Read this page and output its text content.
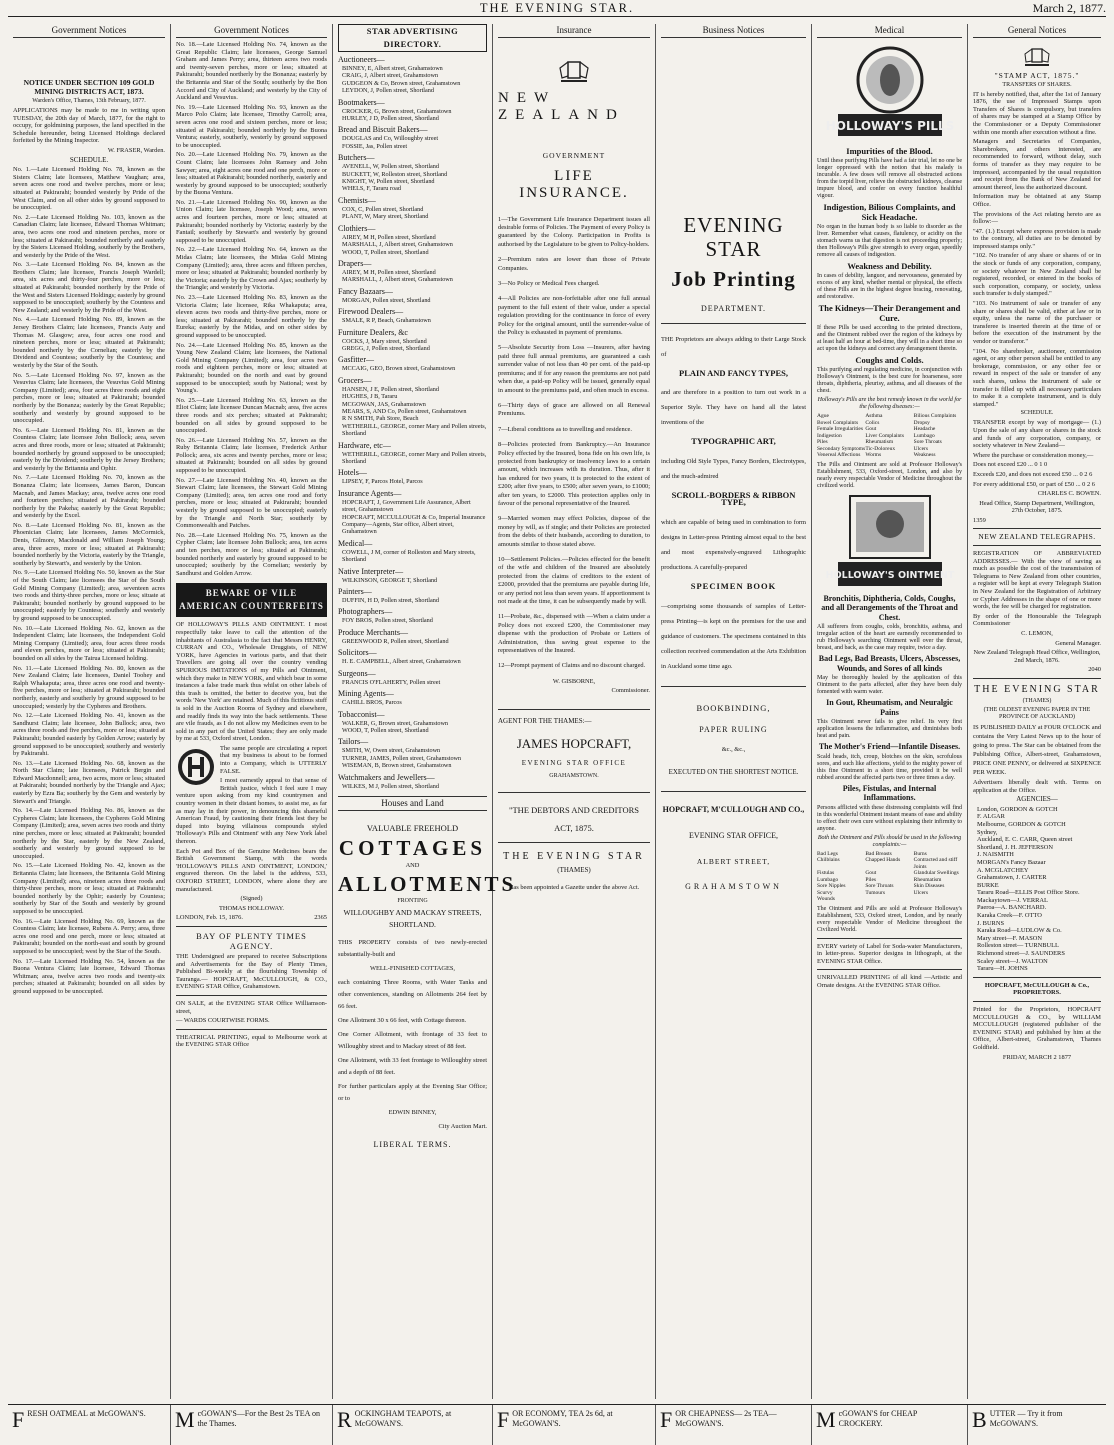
THE EVENING STAR.	March 2, 1877.
Government Notices

NOTICE UNDER SECTION 109 GOLD MINING DISTRICTS ACT, 1873.

Warden's Office, Thames, 13th February, 1877.

APPLICATIONS may be made to me in writing upon TUESDAY, the 20th day of March, 1877, for the right to occupy, for goldmining purposes, the land specified in the Schedule hereunder, being Licensed Holdings declared forfeited by the Mining Inspector.

W. FRASER, Warden.

SCHEDULE.

No. 1.—Late Licensed Holding No. 78, known as the Sisters Claim; late licensees, Matthew Vaughan; area, seven acres one rood and twelve perches, more or less; situated at Pakirarahi; bounded westerly by Pride of the West Claim, and on all other sides by ground supposed to be unoccupied.

No. 2.—Late Licensed Holding No. 103, known as the Canadian Claim; late licensee, Edward Thomas Whitman; area, two acres one rood and nineteen perches, more or less; situated at Pakirarahi; bounded northerly and easterly by the Sisters Licensed Holding, southerly by the Brothers, and westerly by the Pride of the West.

No. 3.—Late Licensed Holding No. 84, known as the Brothers Claim; late licensee, Francis Joseph Wardell; area, six acres and thirty-four perches, more or less; situated at Pakirarahi; bounded northerly by the Pride of the West and Sisters Licensed Holdings; easterly by ground supposed to be unoccupied; southerly by the Countess and New Zealand; and westerly by the Pride of the West.

No. 4.—Late Licensed Holding No. 89, known as the Jersey Brothers Claim; late licensees, Francis Auty and Thomas M. Glasgow; area, four acres one rood and nineteen perches, more or less; situated at Pakirarahi; bounded northerly by the Cornelian; easterly by the Dividend and Countess; southerly by the Countess; and westerly by the Star of the South.

No. 5.—Late Licensed Holding No. 97, known as the Vesuvius Claim; late licensees, the Vesuvius Gold Mining Company (Limited); area, four acres three roods and eight perches, more or less; situated at Pakirarahi; bounded northerly by the Bonanza; easterly by the Great Republic; southerly and westerly by ground supposed to be unoccupied.

No. 6.—Late Licensed Holding No. 81, known as the Countess Claim; late licensee John Bullock; area, seven acres and three roods, more or less; situated at Pakirarahi; bounded northerly by ground supposed to be unoccupied; easterly by the Dividend; southerly by the Jersey Brothers; and westerly by the Britannia and Ophir.

No. 7.—Late Licensed Holding No. 70, known as the Bonanza Claim; late licensees, James Baron, Duncan Macnab, and James Mackay; area, twelve acres one rood and fourteen perches; situated at Pakirarahi; bounded northerly by the Pakeha; easterly by the Great Republic; and westerly by the Excel.

No. 8.—Late Licensed Holding No. 81, known as the Phoenician Claim; late licensees, James McCormick, Denis, Gilmore, Macdonald and William Joseph Young; area, three acres, more or less; situated at Pakirarahi; bounded northerly by the Victoria, easterly by the Triangle, southerly by Stewart's, and westerly by the Union.

No. 9.—Late Licensed Holding No. 50, known as the Star of the South Claim; late licensees the Star of the South Gold Mining Company (Limited); area, seventeen acres two roods and thirty-three perches, more or less; situate at Pakirarahi; bounded northerly by ground supposed to be unoccupied; easterly by Countess; southerly and westerly by ground supposed to be unoccupied.

No. 10.—Late Licensed Holding No. 62, known as the Independent Claim; late licensees, the Independent Gold Mining Company (Limited); area, four acres three roods and eleven perches, more or less; situated at Pakirarahi; bounded on all sides by the Tairua Licensed holding.

No. 11.—Late Licensed Holding No. 80, known as the New Zealand Claim; late licensees, Daniel Toohey and Ralph Whakaputa; area, three acres one rood and twenty-five perches, more or less; situated at Pakirarahi; bounded northerly, easterly and southerly by ground supposed to be unoccupied; westerly by the Cypheres and Brothers.

No. 12.—Late Licensed Holding No. 41, known as the Sandhurst Claim; late licensee, John Bullock; area, two acres three roods and five perches, more or less; situated at Pakirarahi; bounded easterly by Golden Arrow; easterly by ground supposed to be unoccupied; southerly and westerly by Pakirarahi.

No. 13.—Late Licensed Holding No. 68, known as the North Star Claim; late licensees, Patrick Bergin and Edward Macdonnell; area, two acres, more or less; situated at Pakirarahi; bounded northerly by the Triangle and Ajax; easterly by Ezra Ba; southerly by the Gem and westerly by Stewart's and Triangle.

No. 14.—Late Licensed Holding No. 86, known as the Cypheres Claim; late licensees, the Cypheres Gold Mining Company (Limited); area, seven acres two roods and thirty nine perches, more or less; situated at Pakirarahi; bounded northerly by the Star, easterly by the New Zealand, southerly and westerly by ground supposed to be unoccupied.

No. 15.—Late Licensed Holding No. 42, known as the Britannia Claim; late licensees, the Britannia Gold Mining Company (Limited); area, nineteen acres three roods and thirty-three perches, more or less; situated at Pakirarahi; bounded northerly by the Ophir; easterly by Countess; southerly by Star of the South and westerly by ground supposed to be unoccupied.

No. 16.—Late Licensed Holding No. 69, known as the Countess Claim; late licensee, Rubens A. Perry; area, three acres one rood and one perch, more or less; situated at Pakirarahi; bounded on the north-east and south by ground supposed to be unoccupied; west by the Star of the South.

No. 17.—Late Licensed Holding No. 54, known as the Buona Ventura Claim; late licensee, Edward Thomas Whitman; area, twelve acres two roods and twenty-six perches; situated at Pakirarahi; bounded on all sides by ground supposed to be unoccupied.

Government Notices

No. 18.—Late Licensed Holding No. 74, known as the Great Republic Claim; late licensees, George Samuel Graham and James Perry; area, thirteen acres two roods and twenty-seven perches, more or less; situated at Pakirarahi; bounded northerly by the Bonanza; easterly by the Britannia and Star of the South; southerly by the Bon Accord and City of Auckland; and westerly by the City of Auckland and Vesuvius.

No. 19.—Late Licensed Holding No. 93, known as the Marco Polo Claim; late licensee, Timothy Carroll; area, seven acres one rood and sixteen perches, more or less; situated at Pakirarahi; bounded northerly by the Buona Ventura; easterly, southerly, westerly by ground supposed to be unoccupied.

No. 20.—Late Licensed Holding No. 79, known as the Count Claim; late licensees John Ramsey and John Sawyer; area, eight acres one rood and one perch, more or less; situated at Pakirarahi; bounded northerly, easterly and westerly by ground supposed to be unoccupied; southerly by the Buona Ventura.

No. 21.—Late Licensed Holding No. 90, known as the Union Claim; late licensee, Joseph Wood; area, seven acres and fourteen perches, more or less; situated at Pakirarahi; bounded northerly by Victoria; easterly by the Fantail; southerly by Stewart's and westerly by ground supposed to be unoccupied.

No. 22.—Late Licensed Holding No. 64, known as the Midas Claim; late licensees, the Midas Gold Mining Company (Limited); area, three acres and fifteen perches, more or less; situated at Pakirarahi; bounded northerly by the Victoria; easterly by the Crown and Ajax; southerly by the Triangle; and westerly by Victoria.

No. 23.—Late Licensed Holding No. 83, known as the Victoria Claim; late licensee, Rika Whakaputa; area, eleven acres two roods and thirty-five perches, more or less; situated at Pakirarahi; bounded northerly by the Eureka; easterly by the Midas, and on other sides by ground supposed to be unoccupied.

No. 24.—Late Licensed Holding No. 85, known as the Young New Zealand Claim; late licensees, the National Gold Mining Company (Limited); area, four acres two roods and eighteen perches, more or less; situated at Pakirarahi; bounded on the north and east by ground supposed to be unoccupied; south by National; west by Young's.

No. 25.—Late Licensed Holding No. 63, known as the Eliot Claim; late licensee Duncan Macnab; area, five acres three roods and six perches; situated at Pakirarahi; bounded on all sides by ground supposed to be unoccupied.

No. 26.—Late Licensed Holding No. 57, known as the Ruby Britannia Claim; late licensee, Frederick Arthur Pollock; area, six acres and twenty perches, more or less; situated at Pakirarahi; bounded on all sides by ground supposed to be unoccupied.

No. 27.—Late Licensed Holding No. 40, known as the Stewart Claim; late licensees, the Stewart Gold Mining Company (Limited); area, ten acres one rood and forty perches, more or less; situated at Pakirarahi; bounded westerly by ground supposed to be unoccupied; easterly by the Triangle and North Star; southerly by Commonwealth and Patches.

No. 28.—Late Licensed Holding No. 75, known as the Cypher Claim; late licensee John Bullock; area, ten acres and ten perches, more or less; situated at Pakirarahi; bounded northerly and easterly by ground supposed to be unoccupied; southerly by the Cornelian; westerly by Sandhurst and Golden Arrow.

BEWARE OF VILE
AMERICAN COUNTERFEITS

OF HOLLOWAY'S PILLS AND OINTMENT. I most respectfully take leave to call the attention of the inhabitants of Australasia to the fact that Messrs HENRY, CURRAN and CO., Wholesale Druggists, of NEW YORK, have Agencies in various parts, and that their Travellers are going all over the country vending SPURIOUS IMITATIONS of my Pills and Ointment, which they make in NEW YORK, and which bear in some instances a false trade mark thus whilst on other labels of this trash is omitted, the better to deceive you, but the words 'New York' are retained. Much of this fictitious stuff is sold in the Auction Rooms of Sydney and elsewhere, and readily finds its way into the back settlements. These are vile frauds, as I do not allow my Medicines even to be sold in any part of the United States; they are only made by me at 533, Oxford street, London.

The same people are circulating a report that my business is about to be formed into a Company, which is UTTERLY FALSE.

I most earnestly appeal to that sense of British justice, which I feel sure I may venture upon asking from my kind countrymen and country women in their distant homes, to assist me, as far as may lay in their power, in denouncing this shameful American Fraud, by cautioning their friends lest they be duped into buying villainous compounds styled 'Holloway's Pills and Ointment' with any New York label thereon.

Each Pot and Box of the Genuine Medicines bears the British Government Stamp, with the words 'HOLLOWAY'S PILLS AND OINTMENT, LONDON,' engraved thereon. On the label is the address, 533, OXFORD STREET, LONDON, where alone they are manufactured.

(Signed)

THOMAS HOLLOWAY.

LONDON, Feb. 15, 1876.	2365

BAY OF PLENTY TIMES AGENCY.

THE Undersigned are prepared to receive Subscriptions and Advertisements for the Bay of Plenty Times, Published Bi-weekly at the flourishing Township of Tauranga.— HOPCRAFT, McCULLOUGH, & CO., EVENING STAR Office, Grahamstown.

ON SALE, at the EVENING STAR Office Williamson-street,

— WARDS COURTWISE FORMS.

THEATRICAL PRINTING, equal to Melbourne work at the EVENING STAR Office

STAR ADVERTISING DIRECTORY.
Auctioneers—
BINNEY, E, Albert street, Grahamstown
CRAIG, J, Albert street, Grahamstown
GUDGEON & Co, Brown street, Grahamstown
LEYDON, J, Pollen street, Shortland
Bootmakers—
CROCKER, G, Brown street, Grahamstown
HURLEY, J D, Pollen street, Shortland
Bread and Biscuit Bakers—
DOUGLAS and Co, Willoughby street
FOSSIE, Jas, Pollen street
Butchers—
AVENELL, W, Pollen street, Shortland
BUCKETT, W, Rolleston street, Shortland
KNIGHT, W, Pollen street, Shortland
WHELS, F, Tararu road
Chemists—
COX, C, Pollen street, Shortland
PLANT, W, Mary street, Shortland
Clothiers—
AIREY, M H, Pollen street, Shortland
MARSHALL, J, Albert street, Grahamstown
WOOD, T, Pollen street, Shortland
Drapers—
AIREY, M H, Pollen street, Shortland
MARSHALL, J, Albert street, Grahamstown
Fancy Bazaars—
MORGAN, Pollen street, Shortland
Firewood Dealers—
SMALE, R P, Beach, Grahamstown
Furniture Dealers, &c
COCKS, J, Mary street, Shortland
GREGG, J, Pollen street, Shortland
Gasfitter—
MCCAIG, GEO, Brown street, Grahamstown
Grocers—
HANSEN, J E, Pollen street, Shortland
HUGHES, J B, Tararu
MCGOWAN, JAS, Grahamstown
MEARS, S, AND Co, Pollen street, Grahamstown
R N SMITH, Pah Store, Beach
WETHERILL, GEORGE, corner Mary and Pollen streets, Shortland
Hardware, etc—
WETHERILL, GEORGE, corner Mary and Pollen streets, Shortland
Hotels—
LIPSEY, F, Parcos Hotel, Parcos
Insurance Agents—
HOPCRAFT, J, Government Life Assurance, Albert street, Grahamstown
HOPCRAFT, MCCULLOUGH & Co, Imperial Insurance Company—Agents, Star office, Albert street, Grahamstown
Medical—
COWELL, J M, corner of Rolleston and Mary streets, Shortland
Native Interpreter—
WILKINSON, GEORGE T, Shortland
Painters—
DUFFIN, H D, Pollen street, Shortland
Photographers—
FOY BROS, Pollen street, Shortland
Produce Merchants—
GREENWOOD R, Pollen street, Shortland
Solicitors—
H. E. CAMPBELL, Albert street, Grahamstown
Surgeons—
FRANCIS O'FLAHERTY, Pollen street
Mining Agents—
CAHILL BROS, Parcos
Tobacconist—
WALKER, G, Brown street, Grahamstown
WOOD, T, Pollen street, Shortland
Tailors—
SMITH, W, Owen street, Grahamstown
TURNER, JAMES, Pollen street, Grahamstown
WISEMAN, B, Brown street, Grahamstown
Watchmakers and Jewellers—
WILKES, M J, Pollen street, Shortland
Houses and Land

VALUABLE FREEHOLD

COTTAGES

AND

ALLOTMENTS

FRONTING

WILLOUGHBY AND MACKAY STREETS, SHORTLAND.

THIS PROPERTY consists of two newly-erected substantially-built and

WELL-FINISHED COTTAGES,

each containing Three Rooms, with Water Tanks and other conveniences, standing on Allotments 264 feet by 66 feet.

One Allotment 30 x 66 feet, with Cottage thereon.

One Corner Allotment, with frontage of 33 feet to Willoughby street and to Mackay street of 88 feet.

One Allotment, with 33 feet frontage to Willoughby street and a depth of 88 feet.

For further particulars apply at the Evening Star Office; or to

EDWIN BINNEY,

City Auction Mart.

LIBERAL TERMS.

Insurance

NEW ZEALAND

GOVERNMENT

LIFE INSURANCE.

1—The Government Life Insurance Department issues all desirable forms of Policies. The Payment of every Policy is guaranteed by the Colony. Participation in Profits is authorised by the Legislature to be given to Policy-holders.

2—Premium rates are lower than those of Private Companies.

3—No Policy or Medical Fees charged.

4—All Policies are non-forfeitable after one full annual payment to the full extent of their value, under a special regulation providing for the continuance in force of every Policy for the original amount, until the surrender-value of the Policy is exhausted in payment of premiums.

5—Absolute Security from Loss —Insurers, after having paid three full annual premiums, are guaranteed a cash surrender value of not less than 40 per cent. of the paid-up premiums; and if for any reason the premiums are not paid when due, a paid-up Policy will be issued, generally equal in amount to the premiums paid, and often much in excess.

6—Thirty days of grace are allowed on all Renewal Premiums.

7—Liberal conditions as to travelling and residence.

8—Policies protected from Bankruptcy.—An Insurance Policy effected by the Insured, bona fide on his own life, is protected from bankruptcy or insolvency laws to a certain amount, which increases with its duration. Thus, after it has endured for two years, it is protected to the extent of £200; after five years, to £500; after seven years, to £1000; after ten years, to £2000. This protection applies only in favour of the personal representative of the Insured.

9—Married women may effect Policies, dispose of the money by will, as if single; and their Policies are protected from the debts of their husbands, according to duration, to amounts similar to those stated above.

10—Settlement Policies.—Policies effected for the benefit of the wife and children of the Insured are absolutely protected from the claims of creditors to the extent of £2000, provided that the premiums are payable during life, or any period not less than seven years. If apportionment is not made at the time, it can be subsequently made by will.

11—Probate, &c., dispensed with —When a claim under a Policy does not exceed £200, the Commissioner may dispense with the production of Probate or Letters of Administration, thus saving great expense to the representatives of the Insured.

12—Prompt payment of Claims and no discount charged.

W. GISBORNE,

Commissioner.

AGENT FOR THE THAMES:—

JAMES HOPCRAFT,

EVENING STAR OFFICE

GRAHAMSTOWN.

"THE DEBTORS AND CREDITORS

ACT, 1875.

THE EVENING STAR

(THAMES)

Has been appointed a Gazette under the above Act.

Business Notices

EVENING STAR

Job Printing

DEPARTMENT.

THE Proprietors are always adding to their Large Stock of

PLAIN AND FANCY TYPES,

and are therefore in a position to turn out work in a Superior Style. They have on hand all the latest inventions of the

TYPOGRAPHIC ART,

including Old Style Types, Fancy Borders, Electrotypes, and the much-admired

SCROLL-BORDERS & RIBBON TYPE,

which are capable of being used in combination to form designs in Letter-press Printing almost equal to the best and most expensively-engraved Lithographic productions. A carefully-prepared

SPECIMEN BOOK

—comprising some thousands of samples of Letter-press Printing—is kept on the premises for the use and guidance of customers. The specimens contained in this collection received commendation at the Arts Exhibition in Auckland some time ago.

BOOKBINDING,

PAPER RULING

&c., &c.,

EXECUTED ON THE SHORTEST NOTICE.

HOPCRAFT, M'CULLOUGH AND CO.,

EVENING STAR OFFICE,

ALBERT STREET,

GRAHAMSTOWN

Medical
HOLLOWAY'S PILLS

Impurities of the Blood.

Until these purifying Pills have had a fair trial, let no one be longer oppressed with the notion that his malady is incurable. A few doses will remove all obstructed actions from the torpid liver, relieve the obstructed kidneys, cleanse impure blood, and confer on every function healthful vigour.

Indigestion, Bilious Complaints, and Sick Headache.

No organ in the human body is so liable to disorder as the liver. Remember what causes, flatulency, or acidity on the stomach warns us that digestion is not proceeding properly; then Holloway's Pills give strength to every organ, speedily remove all causes of indigestion.

Weakness and Debility.

In cases of debility, languor, and nervousness, generated by excess of any kind, whether mental or physical, the effects of these Pills are in the highest degree bracing, renovating, and restorative.

The Kidneys—Their Derangement and Cure.

If these Pills be used according to the printed directions, and the Ointment rubbed over the region of the kidneys by at least half an hour at bed-time, they will in a short time so act upon the kidneys and correct any derangement therein.

Coughs and Colds.

This purifying and regulating medicine, in conjunction with Holloway's Ointment, is the best cure for hoarseness, sore throats, diphtheria, pleurisy, asthma, and all diseases of the chest.

Holloway's Pills are the best remedy known in the world for the following diseases:—

Ague	Asthma	Bilious Complaints
Bowel Complaints	Colics	Dropsy
Female Irregularities Gout	Headache
Indigestion	Liver Complaints	Lumbago
Piles	Rheumatism	Sore Throats
Secondary Symptoms Tic-Doloreux	Ulcers
Venereal Affections Worms	Weakness

The Pills and Ointment are sold at Professor Holloway's Establishment, 533, Oxford-street, London, and also by nearly every respectable Vendor of Medicine throughout the civilized world.

HOLLOWAY'S OINTMENT

Bronchitis, Diphtheria, Colds, Coughs, and all Derangements of the Throat and Chest.

All sufferers from coughs, colds, bronchitis, asthma, and irregular action of the heart are earnestly recommended to rub Holloway's searching Ointment well over the throat, breast, and back, as the case may require, twice a day.

Bad Legs, Bad Breasts, Ulcers, Abscesses, Wounds, and Sores of all kinds

May be thoroughly healed by the application of this Ointment to the parts affected, after they have been duly fomented with warm water.

In Gout, Rheumatism, and Neuralgic Pains

This Ointment never fails to give relief. Its very first application lessens the inflammation, and diminishes both heat and pain.

The Mother's Friend—Infantile Diseases.

Scald heads, itch, croup, blotches on the skin, scrofulous sores, and such like affections, yield to the mighty power of this fine Ointment in a short time, provided it be well rubbed around the affected parts two or three times a day.

Piles, Fistulas, and Internal Inflammations.

Persons afflicted with these distressing complaints will find in this wonderful Ointment instant means of ease and ability to effect their own cure without explaining their infirmity to anyone.

Both the Ointment and Pills should be used in the following complaints:—

Bad Legs	Bad Breasts	Burns
Chilblains	Chapped Hands	Contracted and stiff Joints
Fistulas	Gout	Glandular Swellings
Lumbago	Piles	Rheumatism
Sore Nipples	Sore Throats	Skin Diseases
Scurvy	Tumours	Ulcers
Wounds

The Ointment and Pills are sold at Professor Holloway's Establishment, 533, Oxford street, London, and by nearly every respectable Vendor of Medicine throughout the Civilized World.

EVERY variety of Label for Soda-water Manufacturers, in letter-press. Superior designs in lithograph, at the EVENING STAR Office.

UNRIVALLED PRINTING of all kind —Artistic and Ornate designs. At the EVENING STAR Office.

General Notices

"STAMP ACT, 1875."

TRANSFERS OF SHARES.

IT is hereby notified, that, after the 1st of January 1876, the use of Impressed Stamps upon Transfers of Shares is compulsory, but transfers of shares may be stamped at a Stamp Office by the Commissioner or a Deputy Commissioner within one month after execution without a fine.

Managers and Secretaries of Companies, Sharebrokers, and others interested, are recommended to forward, without delay, such forms of transfer as they may require to be impressed, accompanied by the usual requisition and receipt from the Bank of New Zealand for amount thereof, less the authorized discount.

Information may be obtained at any Stamp Office.

The provisions of the Act relating hereto are as follow:—

"47. (1.) Except where express provision is made to the contrary, all duties are to be denoted by impressed stamps only."

"102. No transfer of any share or shares of or in the stock or funds of any corporation, company, or society whatever in New Zealand shall be registered, recorded, or entered in the books of such corporation, company, or society, unless such transfer is duly stamped."

"103. No instrument of sale or transfer of any share or shares shall be valid, either at law or in equity, unless the name of the purchaser or transferee is inserted therein at the time of or before the execution of the instrument by the vendor or transferor."

"104. No sharebroker, auctioneer, commission agent, or any other person shall be entitled to any brokerage, commission, or any other fee or reward in respect of the sale or transfer of any such shares, unless the instrument of sale or transfer is filled up with all necessary particulars to make it a complete instrument, and is duly stamped."

SCHEDULE.

TRANSFER except by way of mortgage— (1.) Upon the sale of any share or shares in the stock and funds of any corporation, company, or society whatever in New Zealand—

Where the purchase or consideration money,—

Does not exceed £20 ... 0 1 0

Exceeds £20, and does not exceed £50 ... 0 2 6

For every additional £50, or part of £50 ... 0 2 6

CHARLES C. BOWEN.

Head Office, Stamp Department, Wellington, 27th October, 1875.

1359

NEW ZEALAND TELEGRAPHS.

REGISTRATION OF ABBREVIATED ADDRESSES.— With the view of saving as much as possible the cost of the transmission of Telegrams to New Zealand from other countries, a register will be kept at every Telegraph Station in New Zealand for the Registration of Arbitrary or Cypher Addresses in the shape of one or more words, the fee will be charged for registration.

By order of the Honourable the Telegraph Commissioner

C. LEMON,

General Manager.

New Zealand Telegraph Head Office, Wellington, 2nd March, 1876.

2040

THE EVENING STAR

(THAMES)

(THE OLDEST EVENING PAPER IN THE PROVINCE OF AUCKLAND)

IS PUBLISHED DAILY at FOUR O'CLOCK and contains the Very Latest News up to the hour of going to press. The Star can be obtained from the Publishing Office, Albert-street, Grahamstown, PRICE ONE PENNY, or delivered at SIXPENCE PER WEEK.

Advertisers liberally dealt with. Terms on application at the Office.

AGENCIES—

London, GORDON & GOTCH
F. ALGAR
Melbourne, GORDON & GOTCH
Sydney,
Auckland, E. C. CARR, Queen street
Shortland, J. H. JEFFERSON
J. NAISMITH
MORGAN's Fancy Bazaar
A. MCGLATCHEY
Grahamstown, J. CARTER
BURKE
Tararu Road—ELLIS Post Office Store.
Mackaytown—J. VERRAL
Paeroa—A. BANCHARD.
Karaka Creek—F. OTTO
J. BURNS
Karaka Road—LUDLOW & Co.
Mary street—F. MASON
Rolleston street— TURNBULL
Richmond street—J. SAUNDERS
Scaley street—J. WALTON
Tararu—H. JOHNS

HOPCRAFT, McCULLOUGH & Co., PROPRIETORS.

Printed for the Proprietors, HOPCRAFT MCCULLOUGH & CO., by WILLIAM MCCULLOUGH (registered publisher of the EVENING STAR) and published by him at the Office, Albert-street, Grahamstown, Thames Goldfield.

FRIDAY, MARCH 2 1877

FRESH OATMEAL at McGOWAN'S.	McGOWAN'S—For the Best 2s TEA on the Thames.	ROCKINGHAM TEAPOTS, at McGOWAN'S.	FOR ECONOMY, TEA 2s 6d, at McGOWAN'S.	FOR CHEAPNESS— 2s TEA— McGOWAN'S.	McGOWAN'S for CHEAP CROCKERY.	BUTTER — Try it from McGOWAN'S.
